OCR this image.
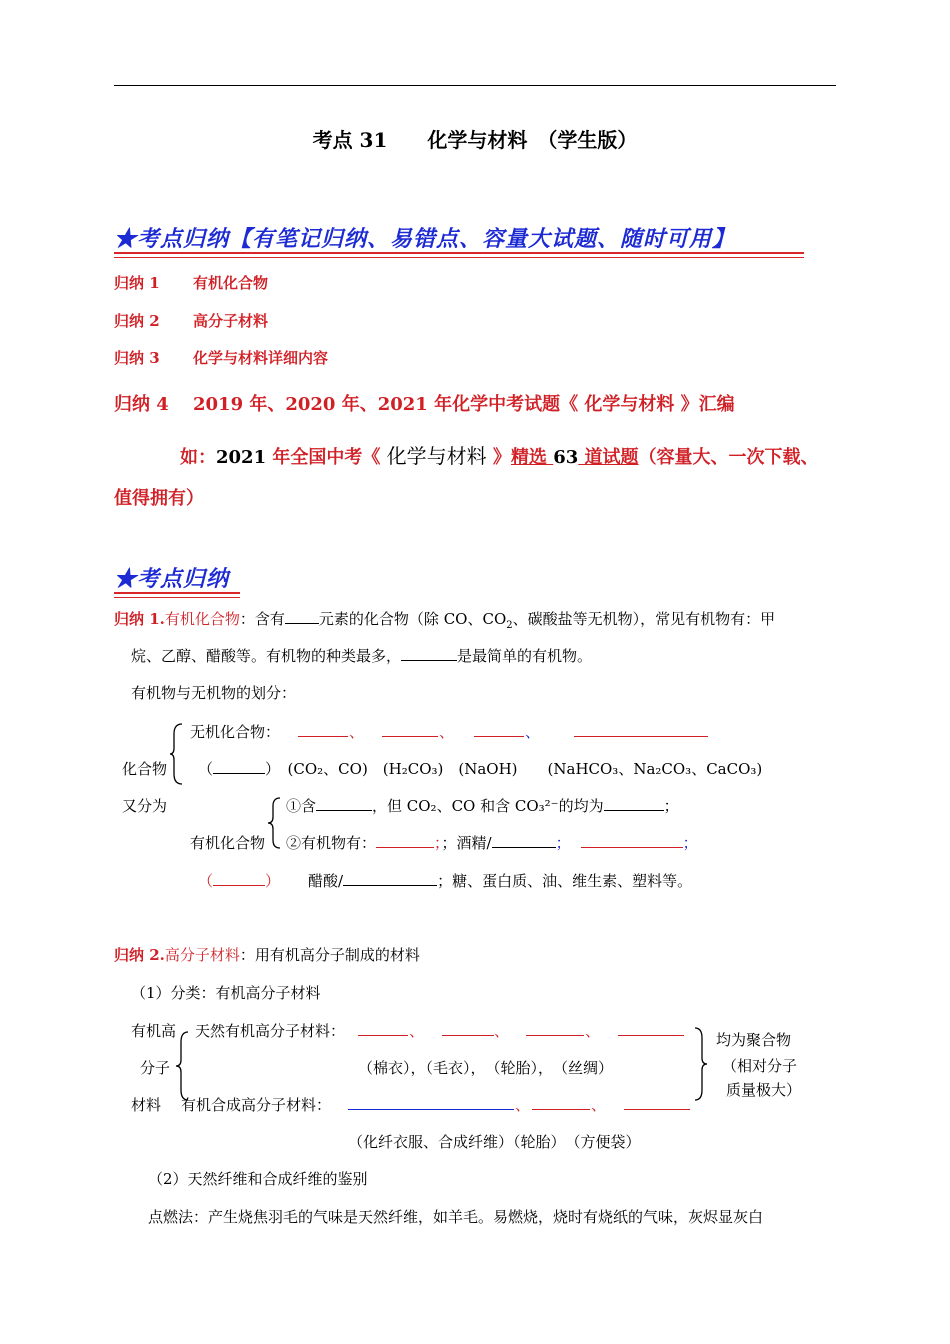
考点 31　　化学与材料　（学生版）
★考点归纳【有笔记归纳、易错点、容量大试题、随时可用】
归纳 1 有机化合物
归纳 2 高分子材料
归纳 3 化学与材料详细内容
归纳 4 2019 年、2020 年、2021 年化学中考试题《 化学与材料 》汇编
如：2021 年全国中考《 化学与材料 》精选 63 道试题（容量大、一次下载、
值得拥有）
★考点归纳
归纳 1.有机化合物：含有 元素的化合物（除 CO、$CO_2$、碳酸盐等无机物），常见有机物有：甲
烷、乙醇、醋酸等。有机物的种类最多，	是最简单的有机物。
有机物与无机物的划分：
无机化合物：	、	、	、
化合物
又分为
（	）　(CO₂、CO)　(H₂CO₃)　(NaOH)　　(NaHCO₃、Na₂CO₃、CaCO₃)
①含	，但 CO₂、CO 和含 CO₃²⁻的均为	；
有机化合物 ②有机物有：	；；酒精/	；	；
（	） 醋酸/	；糖、蛋白质、油、维生素、塑料等。
归纳 2.高分子材料：用有机高分子制成的材料
（1）分类：有机高分子材料
有机高
分子
材料
天然有机高分子材料：	、	、	、
（棉衣），（毛衣），　（轮胎），　（丝绸）
有机合成高分子材料：	、	、
均为聚合物
（相对分子
质量极大）
（化纤衣服、合成纤维）（轮胎）　（方便袋）
（2）天然纤维和合成纤维的鉴别
点燃法：产生烧焦羽毛的气味是天然纤维，如羊毛。易燃烧，烧时有烧纸的气味，灰烬显灰白
